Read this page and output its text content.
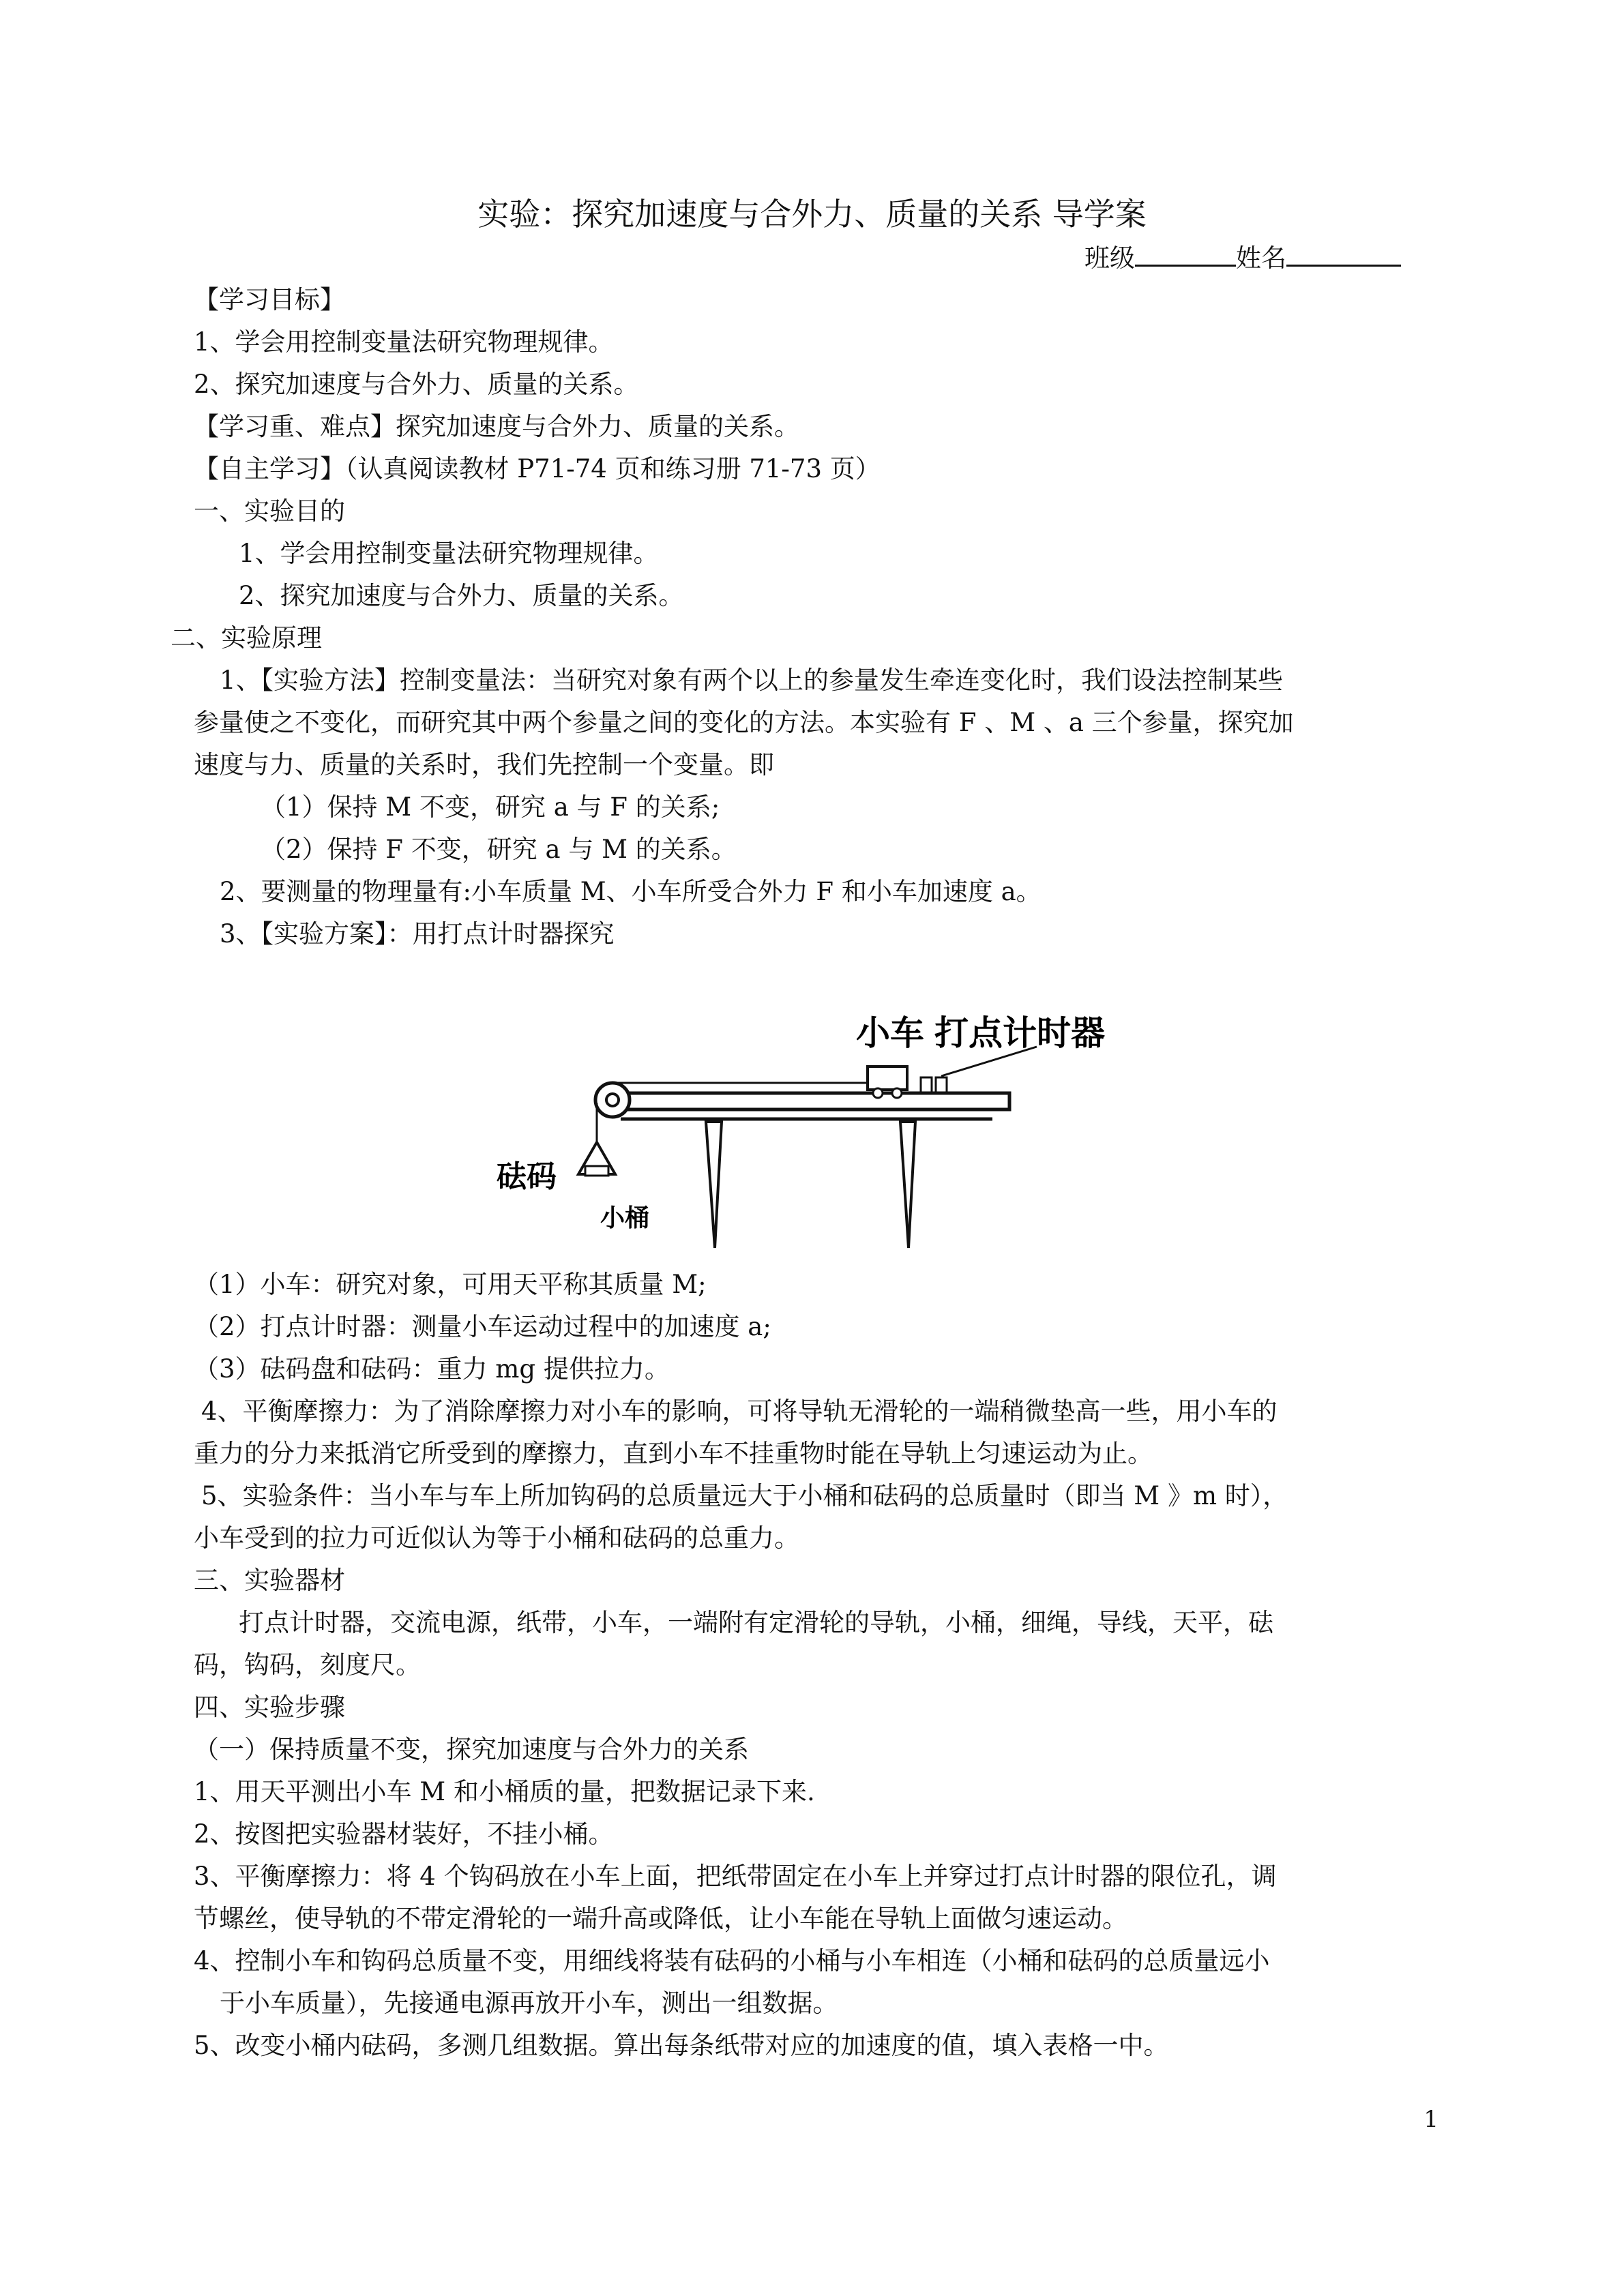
实验：探究加速度与合外力、质量的关系 导学案
班级	姓名
【学习目标】
1、学会用控制变量法研究物理规律。
2、探究加速度与合外力、质量的关系。
【学习重、难点】探究加速度与合外力、质量的关系。
【自主学习】（认真阅读教材 P71-74 页和练习册 71-73 页）
一、实验目的
1、学会用控制变量法研究物理规律。
2、探究加速度与合外力、质量的关系。
二、实验原理
1、【实验方法】控制变量法：当研究对象有两个以上的参量发生牵连变化时，我们设法控制某些
参量使之不变化，而研究其中两个参量之间的变化的方法。本实验有 F 、M 、a 三个参量，探究加
速度与力、质量的关系时，我们先控制一个变量。即
（1）保持 M 不变，研究 a 与 F 的关系;
（2）保持 F 不变，研究 a 与 M 的关系。
2、要测量的物理量有:小车质量 M、小车所受合外力 F 和小车加速度 a。
3、【实验方案】：用打点计时器探究
小车 打点计时器
砝码
小桶
（1）小车：研究对象，可用天平称其质量 M;
（2）打点计时器：测量小车运动过程中的加速度 a;
（3）砝码盘和砝码：重力 mg 提供拉力。
4、平衡摩擦力：为了消除摩擦力对小车的影响，可将导轨无滑轮的一端稍微垫高一些，用小车的
重力的分力来抵消它所受到的摩擦力，直到小车不挂重物时能在导轨上匀速运动为止。
5、实验条件：当小车与车上所加钩码的总质量远大于小桶和砝码的总质量时（即当 M 》m 时），
小车受到的拉力可近似认为等于小桶和砝码的总重力。
三、实验器材
打点计时器，交流电源，纸带，小车，一端附有定滑轮的导轨，小桶，细绳，导线，天平，砝
码，钩码，刻度尺。
四、实验步骤
（一）保持质量不变，探究加速度与合外力的关系
1、用天平测出小车 M 和小桶质的量，把数据记录下来.
2、按图把实验器材装好，不挂小桶。
3、平衡摩擦力：将 4 个钩码放在小车上面，把纸带固定在小车上并穿过打点计时器的限位孔，调
节螺丝，使导轨的不带定滑轮的一端升高或降低，让小车能在导轨上面做匀速运动。
4、控制小车和钩码总质量不变，用细线将装有砝码的小桶与小车相连（小桶和砝码的总质量远小
于小车质量），先接通电源再放开小车，测出一组数据。
5、改变小桶内砝码，多测几组数据。算出每条纸带对应的加速度的值，填入表格一中。
1
